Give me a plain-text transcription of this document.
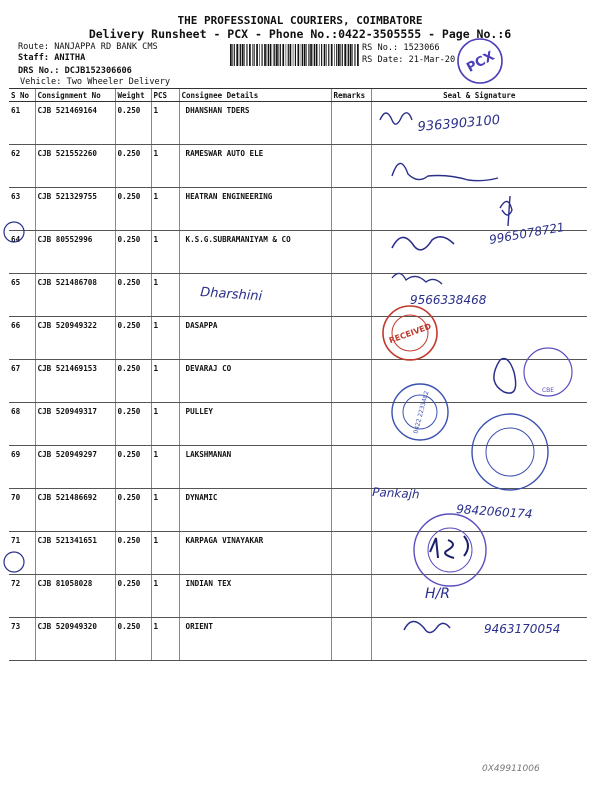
THE PROFESSIONAL COURIERS, COIMBATORE
Delivery Runsheet - PCX - Phone No.:0422-3505555 - Page No.:6
Route: NANJAPPA RD BANK CMS
Staff: ANITHA
DRS No.: DCJB152306606
Vehicle: Two Wheeler Delivery
RS No.: 1523066
RS Date: 21-Mar-20 PCX
S No	Consignment No	Weight	PCS	Consignee Details	Remarks	Seal & Signature
61	CJB 521469164	0.250	1	DHANSHAN TDERS		
62	CJB 521552260	0.250	1	RAMESWAR AUTO ELE		
63	CJB 521329755	0.250	1	HEATRAN ENGINEERING		
64	CJB 80552996	0.250	1	K.S.G.SUBRAMANIYAM & CO		
65	CJB 521486708	0.250	1			
66	CJB 520949322	0.250	1	DASAPPA		
67	CJB 521469153	0.250	1	DEVARAJ CO		
68	CJB 520949317	0.250	1	PULLEY		
69	CJB 520949297	0.250	1	LAKSHMANAN		
70	CJB 521486692	0.250	1	DYNAMIC		
71	CJB 521341651	0.250	1	KARPAGA VINAYAKAR		
72	CJB 81058028	0.250	1	INDIAN TEX		
73	CJB 520949320	0.250	1	ORIENT		
9363903100
9965078721
Dharshini	9566338468
RECEIVED
CBE
0422 2233482
Pankajh
9842060174
H/R
9463170054
0X49911006
